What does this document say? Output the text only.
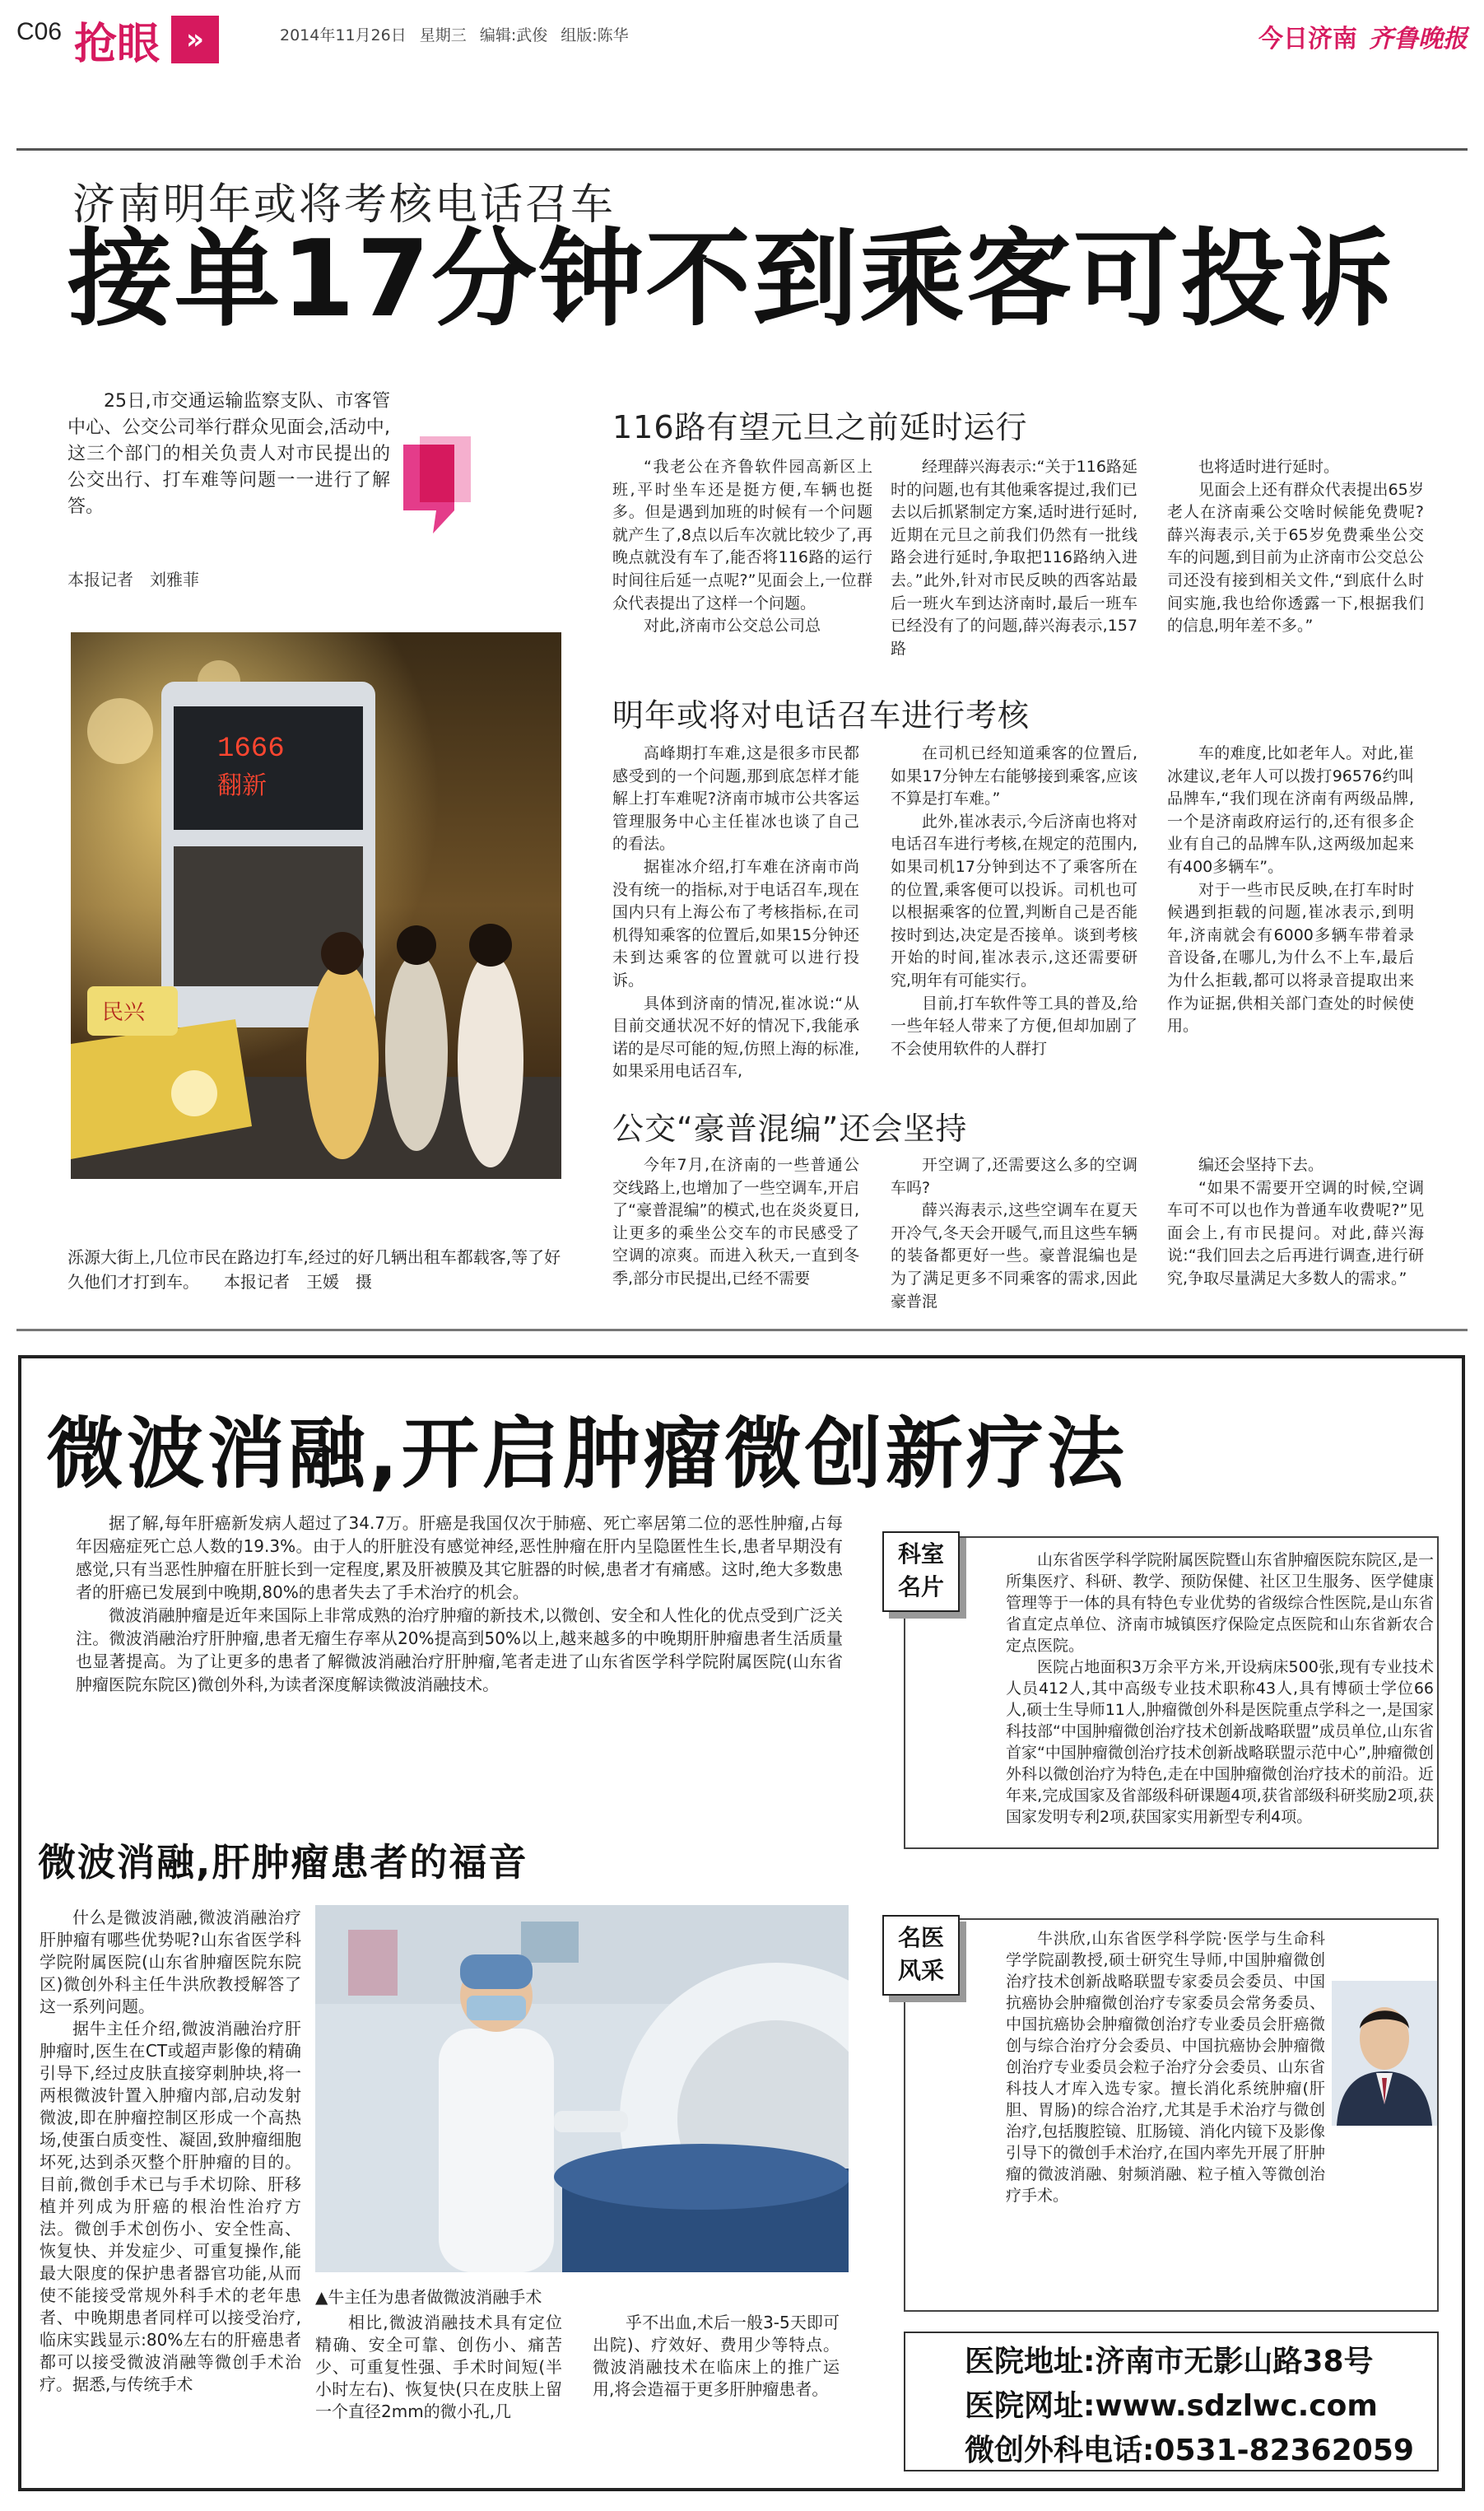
C06 抢眼 »	2014年11月26日 星期三 编辑:武俊 组版:陈华	今日济南 齐鲁晚报
济南明年或将考核电话召车
接单17分钟不到乘客可投诉
25日,市交通运输监察支队、市客管中心、公交公司举行群众见面会,活动中,这三个部门的相关负责人对市民提出的公交出行、打车难等问题一一进行了解答。
本报记者　刘雅菲
1666
翻新
民兴
泺源大街上,几位市民在路边打车,经过的好几辆出租车都载客,等了好久他们才打到车。　　本报记者　王媛　摄
116路有望元旦之前延时运行

“我老公在齐鲁软件园高新区上班,平时坐车还是挺方便,车辆也挺多。但是遇到加班的时候有一个问题就产生了,8点以后车次就比较少了,再晚点就没有车了,能否将116路的运行时间往后延一点呢?”见面会上,一位群众代表提出了这样一个问题。

对此,济南市公交总公司总

经理薛兴海表示:“关于116路延时的问题,也有其他乘客提过,我们已去以后抓紧制定方案,适时进行延时,近期在元旦之前我们仍然有一批线路会进行延时,争取把116路纳入进去。”此外,针对市民反映的西客站最后一班火车到达济南时,最后一班车已经没有了的问题,薛兴海表示,157路

也将适时进行延时。

见面会上还有群众代表提出65岁老人在济南乘公交啥时候能免费呢?薛兴海表示,关于65岁免费乘坐公交车的问题,到目前为止济南市公交总公司还没有接到相关文件,“到底什么时间实施,我也给你透露一下,根据我们的信息,明年差不多。”

明年或将对电话召车进行考核

高峰期打车难,这是很多市民都感受到的一个问题,那到底怎样才能解上打车难呢?济南市城市公共客运管理服务中心主任崔冰也谈了自己的看法。

据崔冰介绍,打车难在济南市尚没有统一的指标,对于电话召车,现在国内只有上海公布了考核指标,在司机得知乘客的位置后,如果15分钟还未到达乘客的位置就可以进行投诉。

具体到济南的情况,崔冰说:“从目前交通状况不好的情况下,我能承诺的是尽可能的短,仿照上海的标准,如果采用电话召车,

在司机已经知道乘客的位置后,如果17分钟左右能够接到乘客,应该不算是打车难。”

此外,崔冰表示,今后济南也将对电话召车进行考核,在规定的范围内,如果司机17分钟到达不了乘客所在的位置,乘客便可以投诉。司机也可以根据乘客的位置,判断自己是否能按时到达,决定是否接单。谈到考核开始的时间,崔冰表示,这还需要研究,明年有可能实行。

目前,打车软件等工具的普及,给一些年轻人带来了方便,但却加剧了不会使用软件的人群打

车的难度,比如老年人。对此,崔冰建议,老年人可以拨打96576约叫品牌车,“我们现在济南有两级品牌,一个是济南政府运行的,还有很多企业有自己的品牌车队,这两级加起来有400多辆车”。

对于一些市民反映,在打车时时候遇到拒载的问题,崔冰表示,到明年,济南就会有6000多辆车带着录音设备,在哪儿,为什么不上车,最后为什么拒载,都可以将录音提取出来作为证据,供相关部门查处的时候使用。

公交“豪普混编”还会坚持

今年7月,在济南的一些普通公交线路上,也增加了一些空调车,开启了“豪普混编”的模式,也在炎炎夏日,让更多的乘坐公交车的市民感受了空调的凉爽。而进入秋天,一直到冬季,部分市民提出,已经不需要

开空调了,还需要这么多的空调车吗?

薛兴海表示,这些空调车在夏天开冷气,冬天会开暖气,而且这些车辆的装备都更好一些。豪普混编也是为了满足更多不同乘客的需求,因此豪普混

编还会坚持下去。

“如果不需要开空调的时候,空调车可不可以也作为普通车收费呢?”见面会上,有市民提问。对此,薛兴海说:“我们回去之后再进行调查,进行研究,争取尽量满足大多数人的需求。”

微波消融,开启肿瘤微创新疗法

据了解,每年肝癌新发病人超过了34.7万。肝癌是我国仅次于肺癌、死亡率居第二位的恶性肿瘤,占每年因癌症死亡总人数的19.3%。由于人的肝脏没有感觉神经,恶性肿瘤在肝内呈隐匿性生长,患者早期没有感觉,只有当恶性肿瘤在肝脏长到一定程度,累及肝被膜及其它脏器的时候,患者才有痛感。这时,绝大多数患者的肝癌已发展到中晚期,80%的患者失去了手术治疗的机会。

微波消融肿瘤是近年来国际上非常成熟的治疗肿瘤的新技术,以微创、安全和人性化的优点受到广泛关注。微波消融治疗肝肿瘤,患者无瘤生存率从20%提高到50%以上,越来越多的中晚期肝肿瘤患者生活质量也显著提高。为了让更多的患者了解微波消融治疗肝肿瘤,笔者走进了山东省医学科学院附属医院(山东省肿瘤医院东院区)微创外科,为读者深度解读微波消融技术。

微波消融,肝肿瘤患者的福音

什么是微波消融,微波消融治疗肝肿瘤有哪些优势呢?山东省医学科学院附属医院(山东省肿瘤医院东院区)微创外科主任牛洪欣教授解答了这一系列问题。

据牛主任介绍,微波消融治疗肝肿瘤时,医生在CT或超声影像的精确引导下,经过皮肤直接穿刺肿块,将一两根微波针置入肿瘤内部,启动发射微波,即在肿瘤控制区形成一个高热场,使蛋白质变性、凝固,致肿瘤细胞坏死,达到杀灭整个肝肿瘤的目的。目前,微创手术已与手术切除、肝移植并列成为肝癌的根治性治疗方法。微创手术创伤小、安全性高、恢复快、并发症少、可重复操作,能最大限度的保护患者器官功能,从而使不能接受常规外科手术的老年患者、中晚期患者同样可以接受治疗,临床实践显示:80%左右的肝癌患者都可以接受微波消融等微创手术治疗。据悉,与传统手术

▲牛主任为患者做微波消融手术

相比,微波消融技术具有定位精确、安全可靠、创伤小、痛苦少、可重复性强、手术时间短(半小时左右)、恢复快(只在皮肤上留一个直径2mm的微小孔,几

乎不出血,术后一般3-5天即可出院)、疗效好、费用少等特点。微波消融技术在临床上的推广运用,将会造福于更多肝肿瘤患者。

科室
名片

山东省医学科学院附属医院暨山东省肿瘤医院东院区,是一所集医疗、科研、教学、预防保健、社区卫生服务、医学健康管理等于一体的具有特色专业优势的省级综合性医院,是山东省省直定点单位、济南市城镇医疗保险定点医院和山东省新农合定点医院。

医院占地面积3万余平方米,开设病床500张,现有专业技术人员412人,其中高级专业技术职称43人,具有博硕士学位66人,硕士生导师11人,肿瘤微创外科是医院重点学科之一,是国家科技部“中国肿瘤微创治疗技术创新战略联盟”成员单位,山东省首家“中国肿瘤微创治疗技术创新战略联盟示范中心”,肿瘤微创外科以微创治疗为特色,走在中国肿瘤微创治疗技术的前沿。近年来,完成国家及省部级科研课题4项,获省部级科研奖励2项,获国家发明专利2项,获国家实用新型专利4项。

名医
风采

牛洪欣,山东省医学科学院·医学与生命科学学院副教授,硕士研究生导师,中国肿瘤微创治疗技术创新战略联盟专家委员会委员、中国抗癌协会肿瘤微创治疗专家委员会常务委员、中国抗癌协会肿瘤微创治疗专业委员会肝癌微创与综合治疗分会委员、中国抗癌协会肿瘤微创治疗专业委员会粒子治疗分会委员、山东省科技人才库入选专家。擅长消化系统肿瘤(肝胆、胃肠)的综合治疗,尤其是手术治疗与微创治疗,包括腹腔镜、肛肠镜、消化内镜下及影像引导下的微创手术治疗,在国内率先开展了肝肿瘤的微波消融、射频消融、粒子植入等微创治疗手术。

医院地址:济南市无影山路38号
医院网址:www.sdzlwc.com
微创外科电话:0531-82362059
